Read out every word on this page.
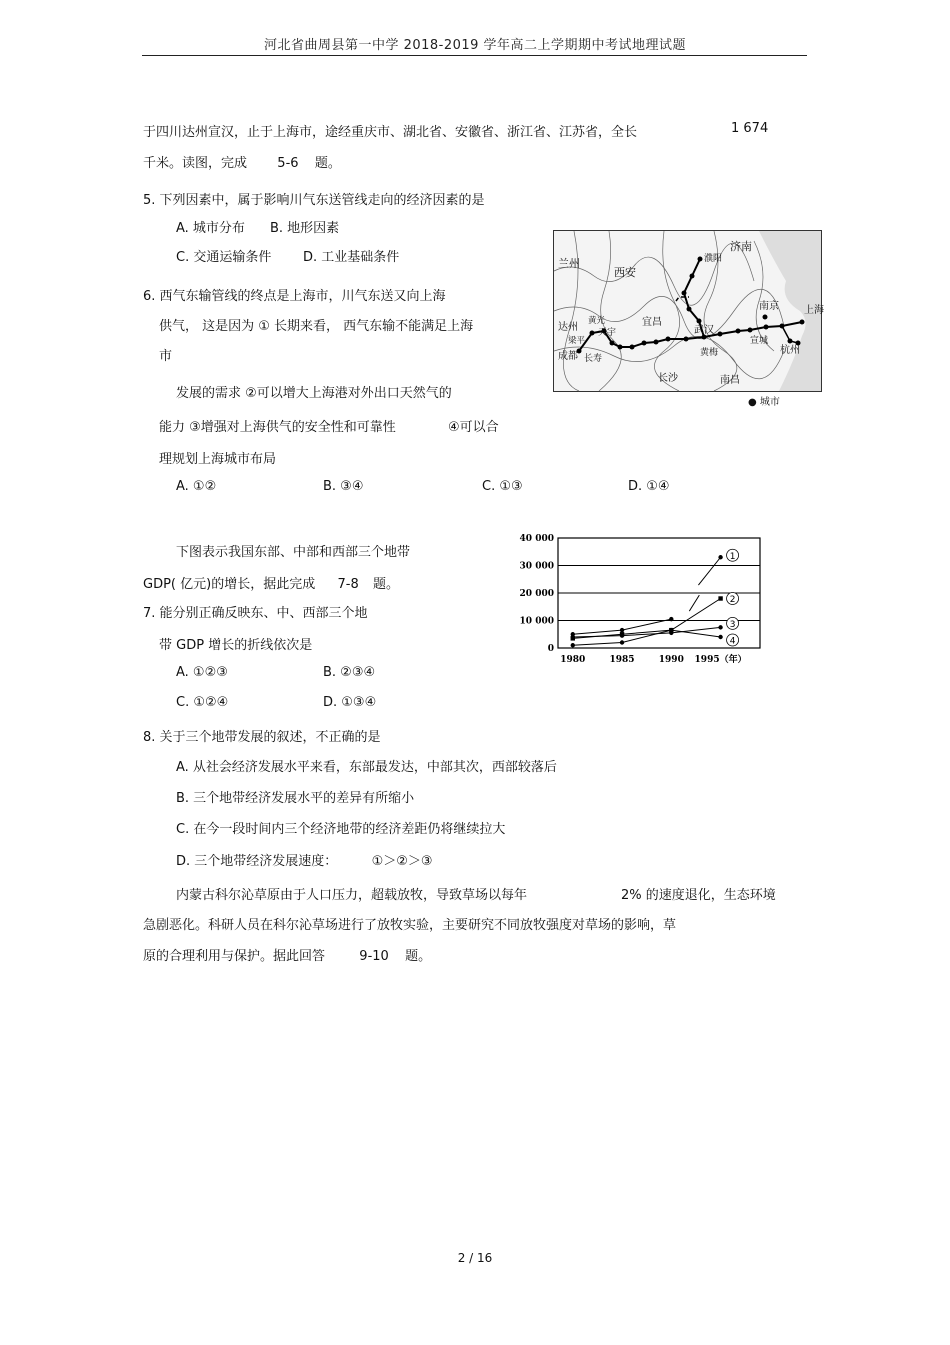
河北省曲周县第一中学 2018-2019 学年高二上学期期中考试地理试题
于四川达州宣汉，止于上海市，途经重庆市、湖北省、安徽省、浙江省、江苏省，全长	1 674
千米。读图，完成 5-6 题。
5. 下列因素中，属于影响川气东送管线走向的经济因素的是
A. 城市分布 B. 地形因素
C. 交通运输条件 D. 工业基础条件
6. 西气东输管线的终点是上海市，川气东送又向上海
供气， 这是因为 ① 长期来看， 西气东输不能满足上海
市
发展的需求 ②可以增大上海港对外出口天然气的
能力 ③增强对上海供气的安全性和可靠性	④可以合
理规划上海城市布局
A. ①②	B. ③④	C. ①③	D. ①④
兰州
西安
濮阳
济南
达州
梁平
黄光
天宇
宜昌
武汉
南京	上海
成都 长寿
黄梅
宣城
杭州
长沙	南昌
● 城市
下图表示我国东部、中部和西部三个地带
GDP( 亿元)的增长，据此完成 7-8 题。
7. 能分别正确反映东、中、西部三个地
带 GDP 增长的折线依次是
A. ①②③	B. ②③④
C. ①②④	D. ①③④
0
10 000
20 000
30 000
40 000
1980	1985	1990 1995（年）
1
2
3
4
8. 关于三个地带发展的叙述，不正确的是
A. 从社会经济发展水平来看，东部最发达，中部其次，西部较落后
B. 三个地带经济发展水平的差异有所缩小
C. 在今一段时间内三个经济地带的经济差距仍将继续拉大
D. 三个地带经济发展速度：	①＞②＞③
内蒙古科尔沁草原由于人口压力，超载放牧，导致草场以每年	2% 的速度退化，生态环境
急剧恶化。科研人员在科尔沁草场进行了放牧实验，主要研究不同放牧强度对草场的影响，草
原的合理利用与保护。据此回答	9-10 题。
2 / 16
